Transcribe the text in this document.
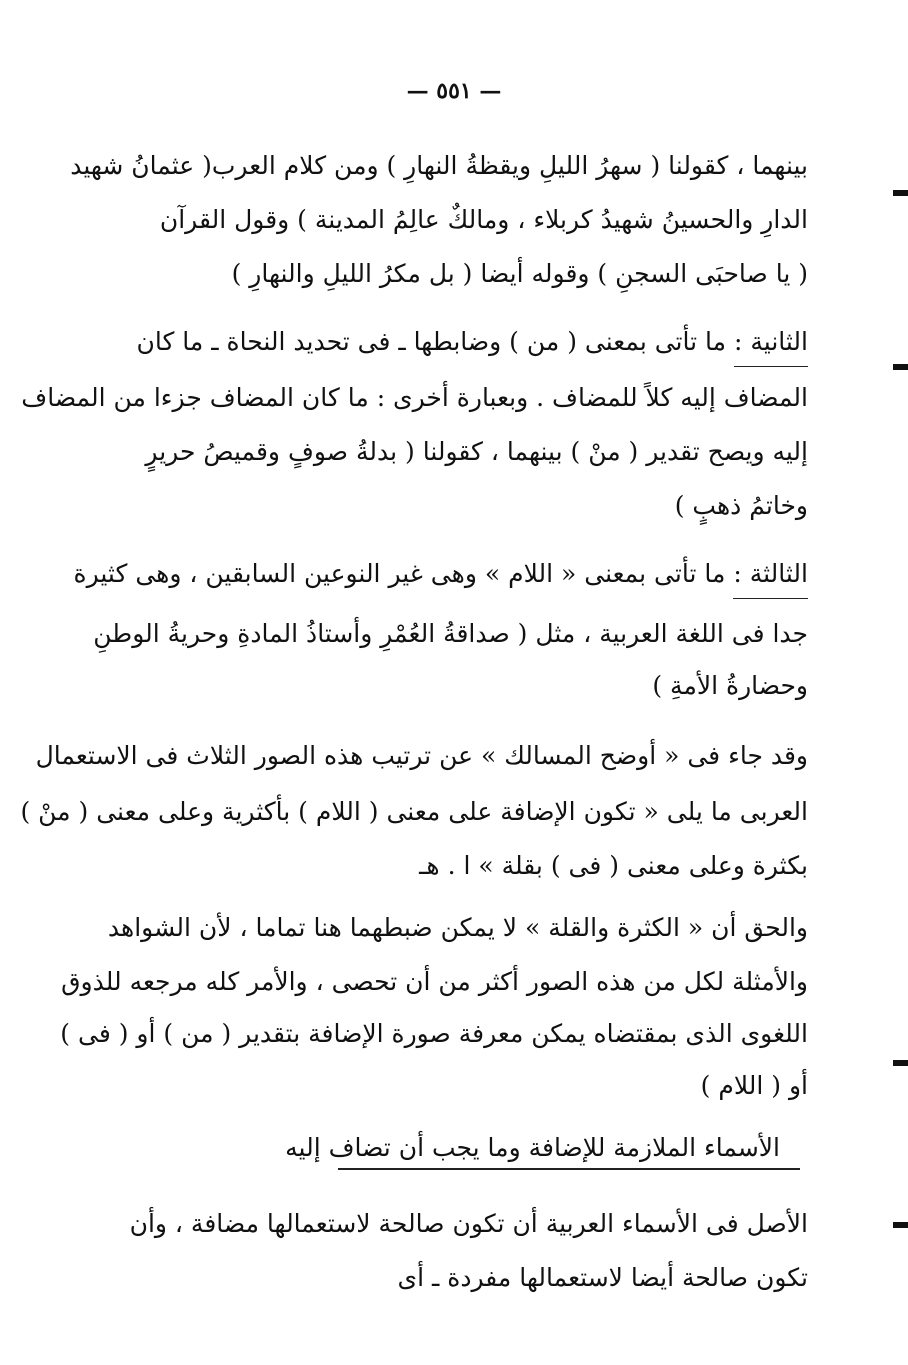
— ٥٥١ —
بينهما ، كقولنا ( سهرُ الليلِ ويقظةُ النهارِ ) ومن كلام العرب( عثمانُ شهيد
الدارِ والحسينُ شهيدُ كربلاء ، ومالكٌ عالِمُ المدينة ) وقول القرآن
( يا صاحبَى السجنِ ) وقوله أيضا ( بل مكرُ الليلِ والنهارِ )
الثانية : ما تأتى بمعنى ( من ) وضابطها ـ فى تحديد النحاة ـ ما كان
المضاف إليه كلاً للمضاف . وبعبارة أخرى : ما كان المضاف جزءا من المضاف
إليه ويصح تقدير ( منْ ) بينهما ، كقولنا ( بدلةُ صوفٍ وقميصُ حريرٍ
وخاتمُ ذهبٍ )
الثالثة : ما تأتى بمعنى « اللام » وهى غير النوعين السابقين ، وهى كثيرة
جدا فى اللغة العربية ، مثل ( صداقةُ العُمْرِ وأستاذُ المادةِ وحريةُ الوطنِ
وحضارةُ الأمةِ )
وقد جاء فى « أوضح المسالك » عن ترتيب هذه الصور الثلاث فى الاستعمال
العربى ما يلى « تكون الإضافة على معنى ( اللام ) بأكثرية وعلى معنى ( منْ )
بكثرة وعلى معنى ( فى ) بقلة » ا . هـ
والحق أن « الكثرة والقلة » لا يمكن ضبطهما هنا تماما ، لأن الشواهد
والأمثلة لكل من هذه الصور أكثر من أن تحصى ، والأمر كله مرجعه للذوق
اللغوى الذى بمقتضاه يمكن معرفة صورة الإضافة بتقدير ( من ) أو ( فى )
أو ( اللام )
الأسماء الملازمة للإضافة وما يجب أن تضاف إليه
الأصل فى الأسماء العربية أن تكون صالحة لاستعمالها مضافة ، وأن
تكون صالحة أيضا لاستعمالها مفردة ـ أى
